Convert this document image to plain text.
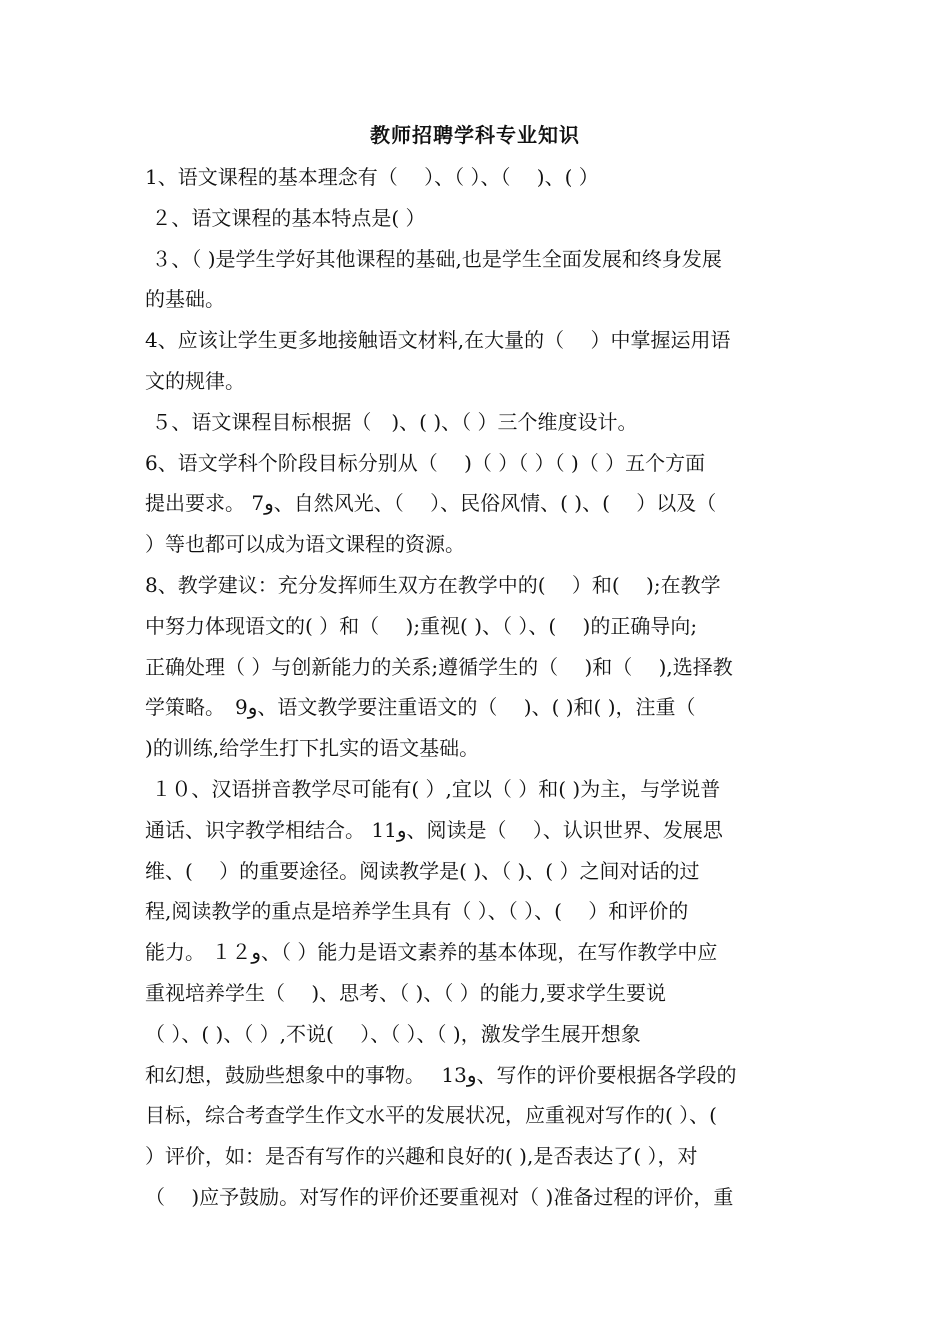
教师招聘学科专业知识
1、语文课程的基本理念有（　 ）、（ ）、（　 )、( ）
２、语文课程的基本特点是( ）
３、（ )是学生学好其他课程的基础,也是学生全面发展和终身发展
的基础。
4、应该让学生更多地接触语文材料,在大量的（　 ）中掌握运用语
文的规律。
５、语文课程目标根据（　)、( )、（ ）三个维度设计。
6、语文学科个阶段目标分别从（　 )（ ）（ ）（ )（ ）五个方面
提出要求。 7و、自然风光、（　 ）、民俗风情、( )、(　 ）以及（
）等也都可以成为语文课程的资源。
8、教学建议：充分发挥师生双方在教学中的(　 ）和(　 );在教学
中努力体现语文的( ）和（　 );重视( )、（ ）、(　 )的正确导向;
正确处理（ ）与创新能力的关系;遵循学生的（　 )和（　 ),选择教
学策略。　9و、语文教学要注重语文的（　 )、( )和( )，注重（
)的训练,给学生打下扎实的语文基础。
１０、汉语拼音教学尽可能有( ）,宜以（ ）和( )为主，与学说普
通话、识字教学相结合。 11و、阅读是（　 ）、认识世界、发展思
维、(　 ）的重要途径。阅读教学是( )、（ )、( ）之间对话的过
程,阅读教学的重点是培养学生具有（ ）、（ ）、(　 ）和评价的
能力。 １２و、（ ）能力是语文素养的基本体现，在写作教学中应
重视培养学生（　 )、思考、（ )、（ ）的能力,要求学生要说
（ ）、( )、（ ）,不说(　 ）、（ ）、（ )，激发学生展开想象
和幻想，鼓励些想象中的事物。　 13و、写作的评价要根据各学段的
目标，综合考查学生作文水平的发展状况，应重视对写作的( ）、(
）评价，如：是否有写作的兴趣和良好的( ),是否表达了( ），对
（　 )应予鼓励。对写作的评价还要重视对（ )准备过程的评价，重
